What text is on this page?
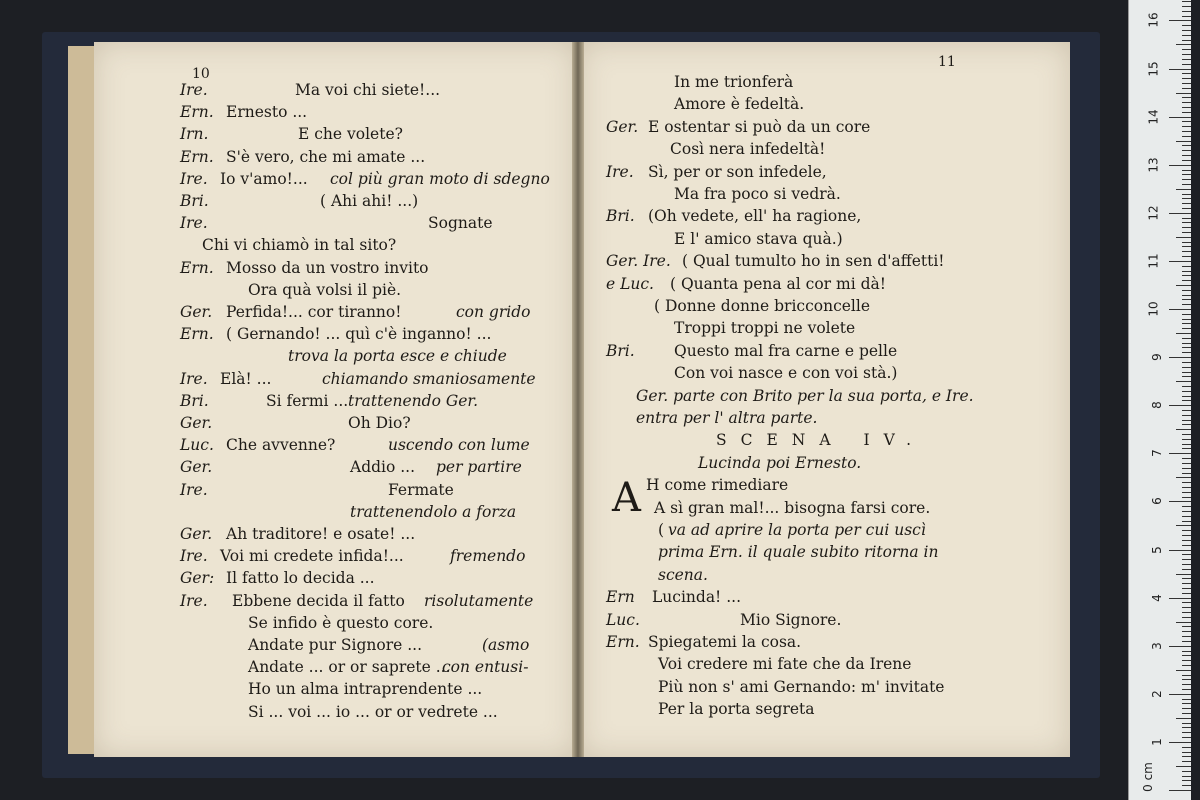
10
11
Ire.	Ma voi chi siete!...
Ern. Ernesto ...
Irn.	E che volete?
Ern. S'è vero, che mi amate ...
Ire. Io v'amo!... col più gran moto di sdegno
Bri.	( Ahi ahi! ...)
Ire.	Sognate
Chi vi chiamò in tal sito?
Ern. Mosso da un vostro invito
Ora quà volsi il piè.
Ger. Perfida!... cor tiranno!	con grido
Ern. ( Gernando! ... quì c'è inganno! ...
trova la porta esce e chiude
Ire. Elà! ...	chiamando smaniosamente
Bri.	Si fermi ... trattenendo Ger.
Ger.	Oh Dio?
Luc. Che avvenne?	uscendo con lume
Ger.	Addio ... per partire
Ire.	Fermate
trattenendolo a forza
Ger. Ah traditore! e osate! ...
Ire. Voi mi credete infida!...	fremendo
Ger: Il fatto lo decida ...
Ire. Ebbene decida il fatto risolutamente
Se infido è questo core.
Andate pur Signore ...	(asmo
Andate ... or or saprete ...
con entusi-
Ho un alma intraprendente ...
Si ... voi ... io ... or or vedrete ...
In me trionferà
Amore è fedeltà.
Ger. E ostentar si può da un core
Così nera infedeltà!
Ire. Sì, per or son infedele,
Ma fra poco si vedrà.
Bri. (Oh vedete, ell' ha ragione,
E l' amico stava quà.)
Ger. Ire. ( Qual tumulto ho in sen d'affetti!
e Luc. ( Quanta pena al cor mi dà!
( Donne donne bricconcelle
Troppi troppi ne volete
Bri.	Questo mal fra carne e pelle
Con voi nasce e con voi stà.)
Ger. parte con Brito per la sua porta, e Ire.
entra per l' altra parte.
SCENA IV.
Lucinda poi Ernesto.
H come rimediare
A sì gran mal!... bisogna farsi core.
( va ad aprire la porta per cui uscì
prima Ern. il quale subito ritorna in
scena.
Ern Lucinda! ...
Luc.	Mio Signore.
Ern. Spiegatemi la cosa.
Voi credere mi fate che da Irene
Più non s' ami Gernando: m' invitate
Per la porta segreta
A
1
2
3
4
5
6
7
8
9
10
11
12
13
14
15
16
0 cm
